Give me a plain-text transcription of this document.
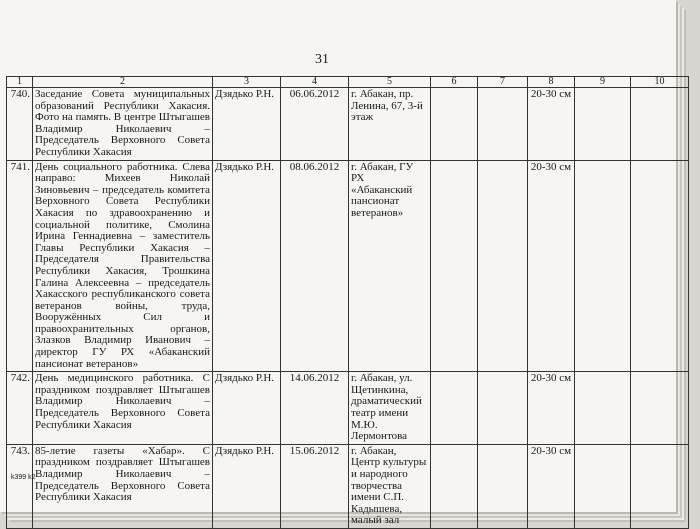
31
1	2	3	4	5	6	7	8	9	10
740.	Заседание Совета муниципальных образований Республики Хакасия. Фото на память. В центре Штыгашев Владимир Николаевич – Председатель Верховного Совета Республики Хакасия	Дзядько Р.Н.	06.06.2012	г. Абакан, пр. Ленина, 67, 3-й этаж			20-30 см		
741.	День социального работника. Слева направо: Михеев Николай Зиновьевич – председатель комитета Верховного Совета Республики Хакасия по здравоохранению и социальной политике, Смолина Ирина Геннадиевна – заместитель Главы Республики Хакасия – Председателя Правительства Республики Хакасия, Трошкина Галина Алексеевна – председатель Хакасского республиканского совета ветеранов войны, труда, Вооружённых Сил и правоохранительных органов, Злазков Владимир Иванович – директор ГУ РХ «Абаканский пансионат ветеранов»	Дзядько Р.Н.	08.06.2012	г. Абакан, ГУ РХ «Абаканский пансионат ветеранов»			20-30 см		
742.	День медицинского работника. С праздником поздравляет Штыгашев Владимир Николаевич – Председатель Верховного Совета Республики Хакасия	Дзядько Р.Н.	14.06.2012	г. Абакан, ул. Щетинкина, драматический театр имени М.Ю. Лермонтова			20-30 см		
743.	85-летие газеты «Хабар». С праздником поздравляет Штыгашев Владимир Николаевич – Председатель Верховного Совета Республики Хакасия	Дзядько Р.Н.	15.06.2012	г. Абакан, Центр культуры и народного творчества имени С.П. Кадышева, малый зал			20-30 см		
k399 k2
